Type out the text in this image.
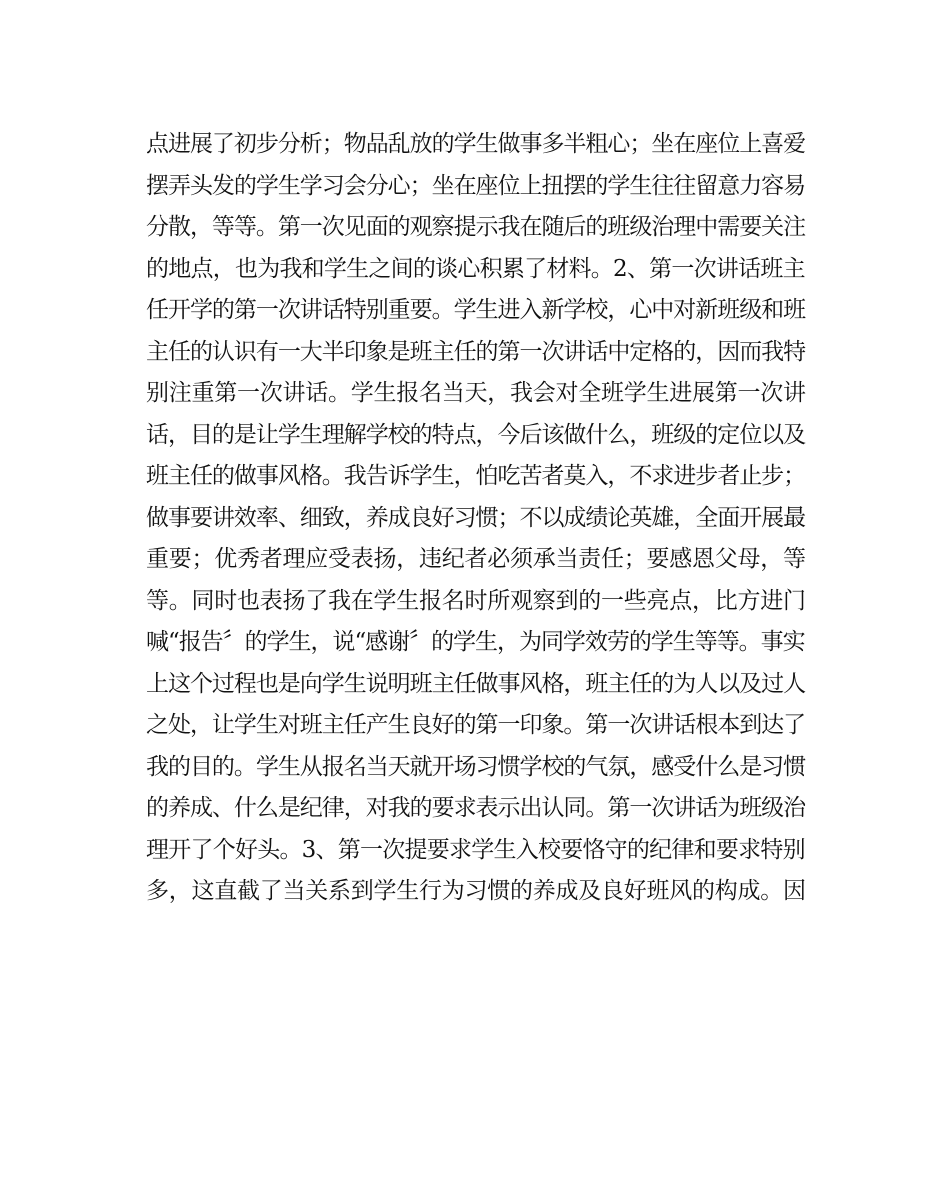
点进展了初步分析；物品乱放的学生做事多半粗心；坐在座位上喜爱
摆弄头发的学生学习会分心；坐在座位上扭摆的学生往往留意力容易
分散，等等。第一次见面的观察提示我在随后的班级治理中需要关注
的地点，也为我和学生之间的谈心积累了材料。2、第一次讲话班主
任开学的第一次讲话特别重要。学生进入新学校，心中对新班级和班
主任的认识有一大半印象是班主任的第一次讲话中定格的，因而我特
别注重第一次讲话。学生报名当天，我会对全班学生进展第一次讲
话，目的是让学生理解学校的特点，今后该做什么，班级的定位以及
班主任的做事风格。我告诉学生，怕吃苦者莫入，不求进步者止步；
做事要讲效率、细致，养成良好习惯；不以成绩论英雄，全面开展最
重要；优秀者理应受表扬，违纪者必须承当责任；要感恩父母，等
等。同时也表扬了我在学生报名时所观察到的一些亮点，比方进门
喊“报告〞的学生，说“感谢〞的学生，为同学效劳的学生等等。事实
上这个过程也是向学生说明班主任做事风格，班主任的为人以及过人
之处，让学生对班主任产生良好的第一印象。第一次讲话根本到达了
我的目的。学生从报名当天就开场习惯学校的气氛，感受什么是习惯
的养成、什么是纪律，对我的要求表示出认同。第一次讲话为班级治
理开了个好头。3、第一次提要求学生入校要恪守的纪律和要求特别
多，这直截了当关系到学生行为习惯的养成及良好班风的构成。因
